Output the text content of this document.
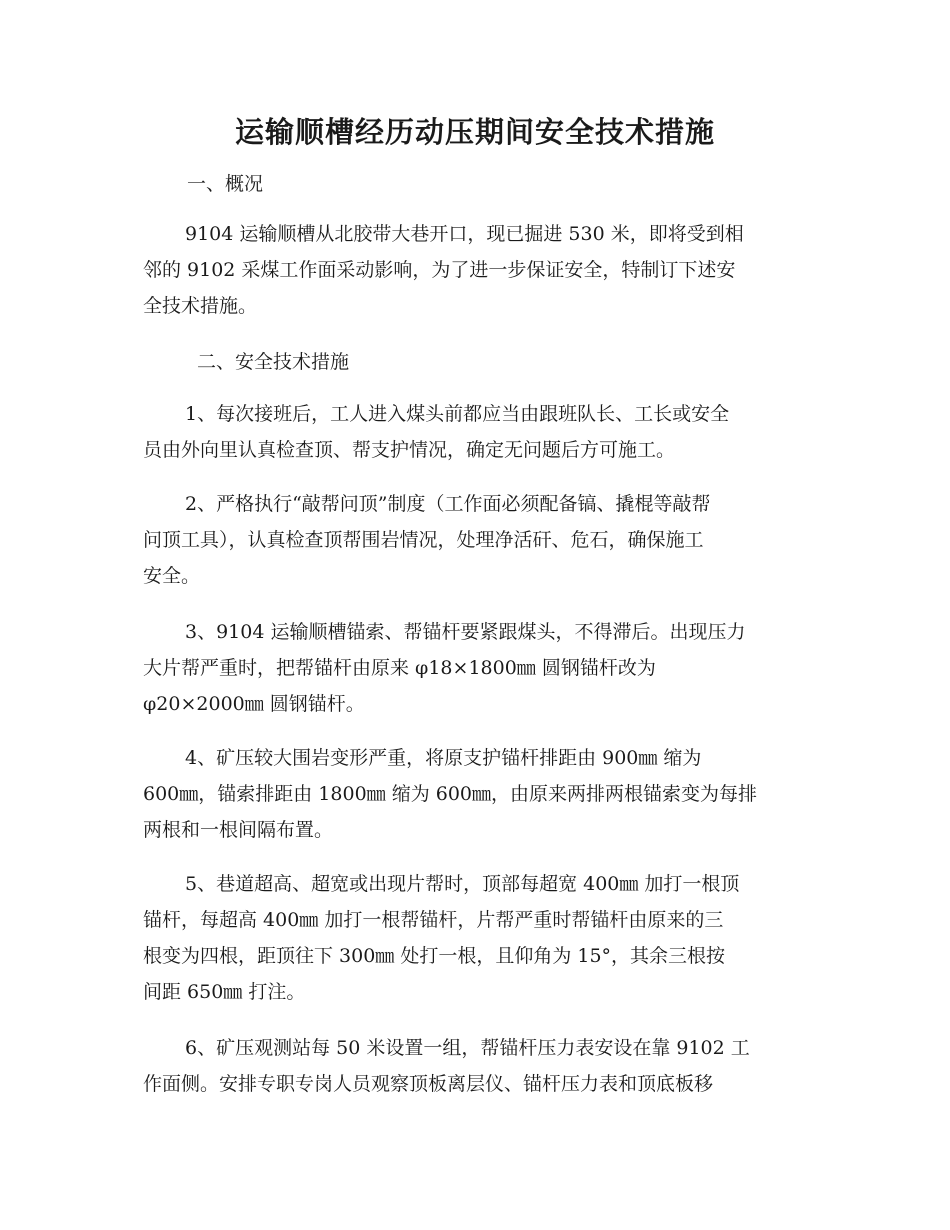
运输顺槽经历动压期间安全技术措施
一、概况
9104 运输顺槽从北胶带大巷开口，现已掘进 530 米，即将受到相
邻的 9102 采煤工作面采动影响，为了进一步保证安全，特制订下述安
全技术措施。
二、安全技术措施
1、每次接班后，工人进入煤头前都应当由跟班队长、工长或安全
员由外向里认真检查顶、帮支护情况，确定无问题后方可施工。
2、严格执行“敲帮问顶”制度（工作面必须配备镐、撬棍等敲帮
问顶工具），认真检查顶帮围岩情况，处理净活矸、危石，确保施工
安全。
3、9104 运输顺槽锚索、帮锚杆要紧跟煤头，不得滞后。出现压力
大片帮严重时，把帮锚杆由原来 φ18×1800㎜ 圆钢锚杆改为
φ20×2000㎜ 圆钢锚杆。
4、矿压较大围岩变形严重，将原支护锚杆排距由 900㎜ 缩为
600㎜，锚索排距由 1800㎜ 缩为 600㎜，由原来两排两根锚索变为每排
两根和一根间隔布置。
5、巷道超高、超宽或出现片帮时，顶部每超宽 400㎜ 加打一根顶
锚杆，每超高 400㎜ 加打一根帮锚杆，片帮严重时帮锚杆由原来的三
根变为四根，距顶往下 300㎜ 处打一根，且仰角为 15°，其余三根按
间距 650㎜ 打注。
6、矿压观测站每 50 米设置一组，帮锚杆压力表安设在靠 9102 工
作面侧。安排专职专岗人员观察顶板离层仪、锚杆压力表和顶底板移
